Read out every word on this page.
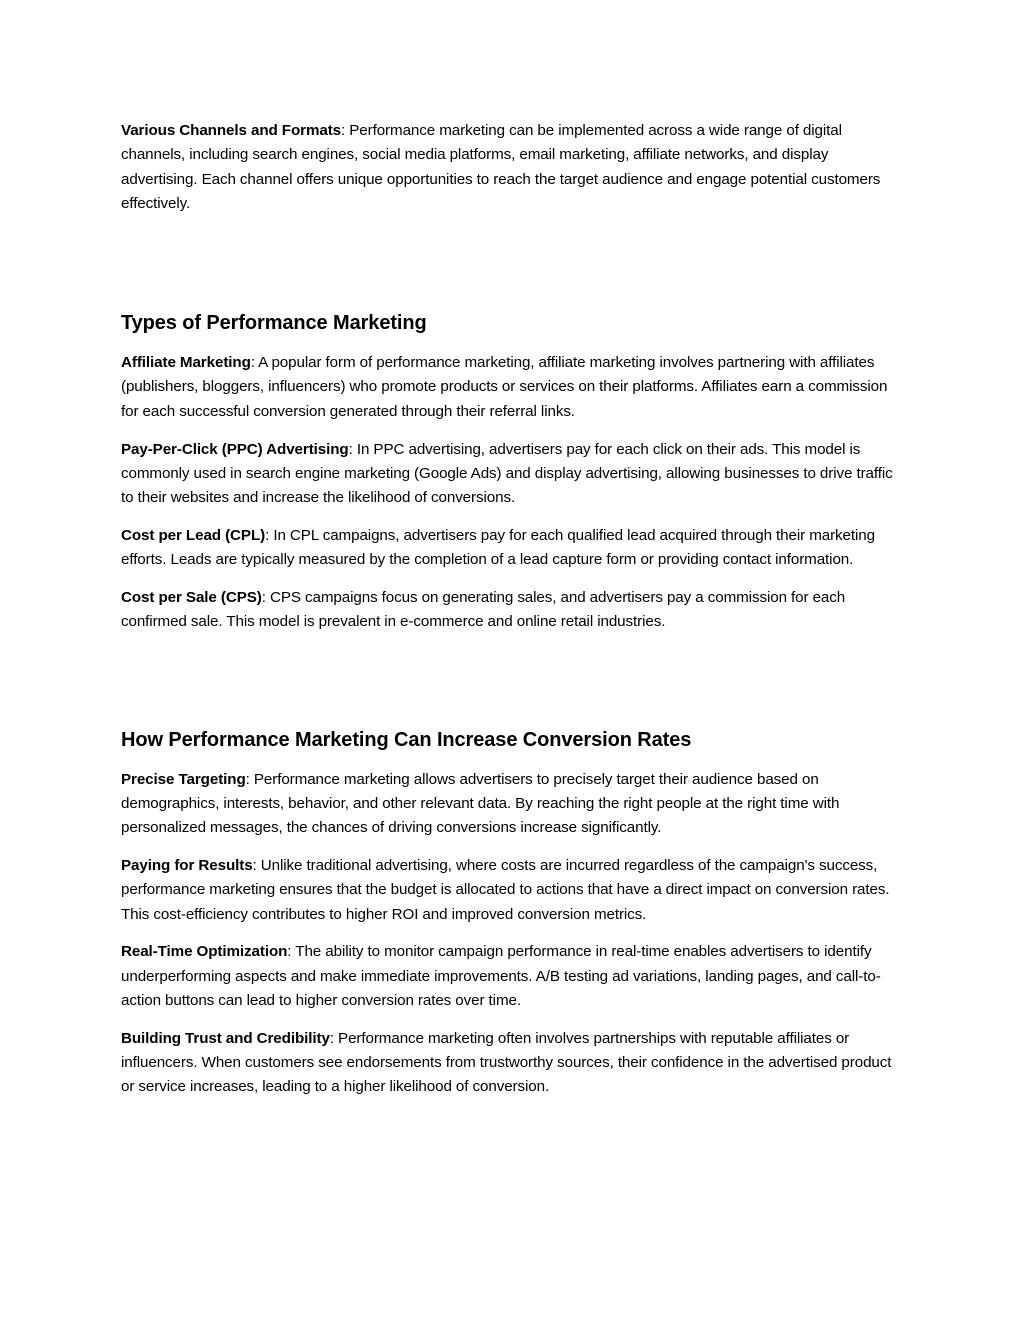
Various Channels and Formats: Performance marketing can be implemented across a wide range of digital channels, including search engines, social media platforms, email marketing, affiliate networks, and display advertising. Each channel offers unique opportunities to reach the target audience and engage potential customers effectively.

Types of Performance Marketing

Affiliate Marketing: A popular form of performance marketing, affiliate marketing involves partnering with affiliates (publishers, bloggers, influencers) who promote products or services on their platforms. Affiliates earn a commission for each successful conversion generated through their referral links.

Pay-Per-Click (PPC) Advertising: In PPC advertising, advertisers pay for each click on their ads. This model is commonly used in search engine marketing (Google Ads) and display advertising, allowing businesses to drive traffic to their websites and increase the likelihood of conversions.

Cost per Lead (CPL): In CPL campaigns, advertisers pay for each qualified lead acquired through their marketing efforts. Leads are typically measured by the completion of a lead capture form or providing contact information.

Cost per Sale (CPS): CPS campaigns focus on generating sales, and advertisers pay a commission for each confirmed sale. This model is prevalent in e-commerce and online retail industries.

How Performance Marketing Can Increase Conversion Rates

Precise Targeting: Performance marketing allows advertisers to precisely target their audience based on demographics, interests, behavior, and other relevant data. By reaching the right people at the right time with personalized messages, the chances of driving conversions increase significantly.

Paying for Results: Unlike traditional advertising, where costs are incurred regardless of the campaign's success, performance marketing ensures that the budget is allocated to actions that have a direct impact on conversion rates. This cost-efficiency contributes to higher ROI and improved conversion metrics.

Real-Time Optimization: The ability to monitor campaign performance in real-time enables advertisers to identify underperforming aspects and make immediate improvements. A/B testing ad variations, landing pages, and call-to-action buttons can lead to higher conversion rates over time.

Building Trust and Credibility: Performance marketing often involves partnerships with reputable affiliates or influencers. When customers see endorsements from trustworthy sources, their confidence in the advertised product or service increases, leading to a higher likelihood of conversion.
